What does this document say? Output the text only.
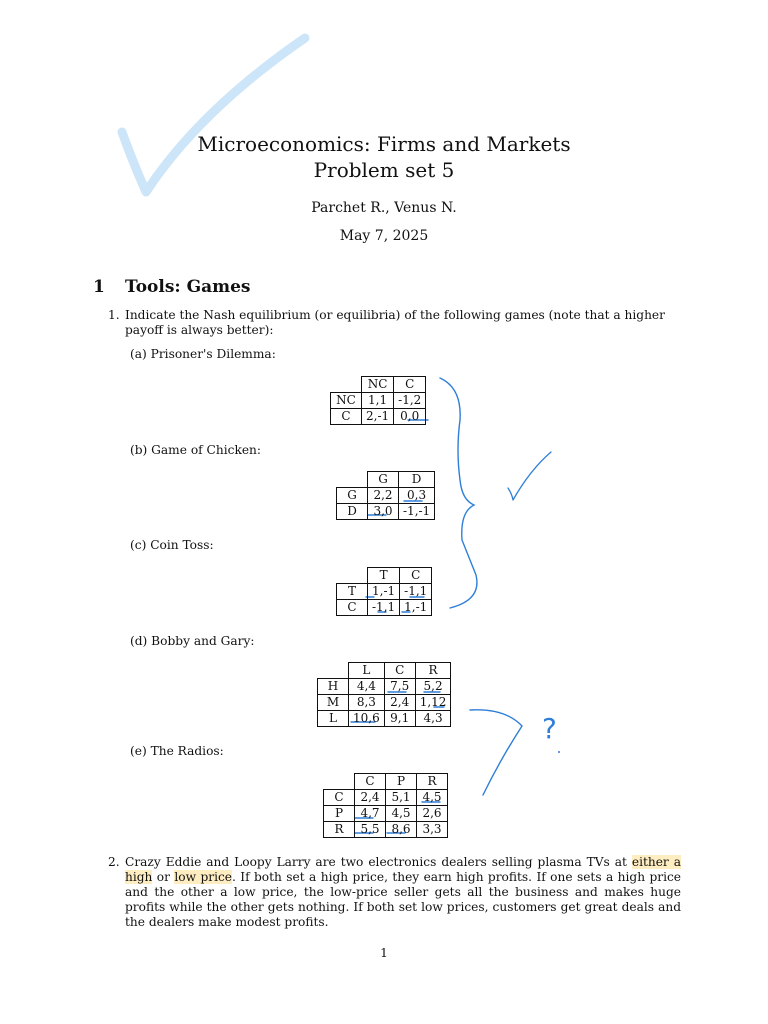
?
Microeconomics: Firms and Markets
Problem set 5
Parchet R., Venus N.
May 7, 2025
1 Tools: Games
1. Indicate the Nash equilibrium (or equilibria) of the following games (note that a higher payoff is always better):
(a) Prisoner's Dilemma:
	NC	C
NC	1,1	-1,2
C	2,-1	0,0
(b) Game of Chicken:
	G	D
G	2,2	0,3
D	3,0	-1,-1
(c) Coin Toss:
	T	C
T	1,-1	-1,1
C	-1,1	1,-1
(d) Bobby and Gary:
	L	C	R
H	4,4	7,5	5,2
M	8,3	2,4	1,12
L	10,6	9,1	4,3
(e) The Radios:
	C	P	R
C	2,4	5,1	4,5
P	4,7	4,5	2,6
R	5,5	8,6	3,3
2. Crazy Eddie and Loopy Larry are two electronics dealers selling plasma TVs at either a high or low price. If both set a high price, they earn high profits. If one sets a high price and the other a low price, the low-price seller gets all the business and makes huge profits while the other gets nothing. If both set low prices, customers get great deals and the dealers make modest profits.
1
